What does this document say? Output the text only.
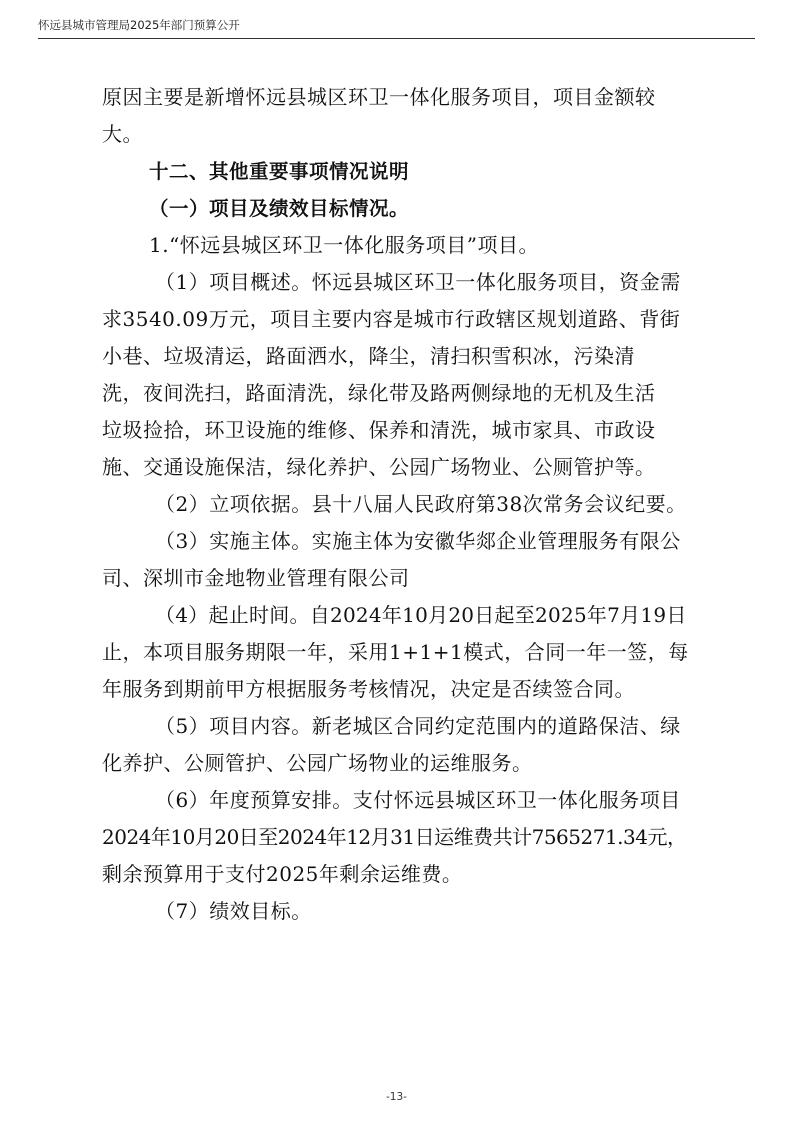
怀远县城市管理局2025年部门预算公开
原因主要是新增怀远县城区环卫一体化服务项目，项目金额较
大。
十二、其他重要事项情况说明
（一）项目及绩效目标情况。
1.“怀远县城区环卫一体化服务项目”项目。
（1）项目概述。怀远县城区环卫一体化服务项目，资金需
求3540.09万元，项目主要内容是城市行政辖区规划道路、背街
小巷、垃圾清运，路面洒水，降尘，清扫积雪积冰，污染清
洗，夜间洗扫，路面清洗，绿化带及路两侧绿地的无机及生活
垃圾捡拾，环卫设施的维修、保养和清洗，城市家具、市政设
施、交通设施保洁，绿化养护、公园广场物业、公厕管护等。
（2）立项依据。县十八届人民政府第38次常务会议纪要。
（3）实施主体。实施主体为安徽华郯企业管理服务有限公
司、深圳市金地物业管理有限公司
（4）起止时间。自2024年10月20日起至2025年7月19日
止，本项目服务期限一年，采用1+1+1模式，合同一年一签，每
年服务到期前甲方根据服务考核情况，决定是否续签合同。
（5）项目内容。新老城区合同约定范围内的道路保洁、绿
化养护、公厕管护、公园广场物业的运维服务。
（6）年度预算安排。支付怀远县城区环卫一体化服务项目
2024年10月20日至2024年12月31日运维费共计7565271.34元，
剩余预算用于支付2025年剩余运维费。
（7）绩效目标。
-13-
